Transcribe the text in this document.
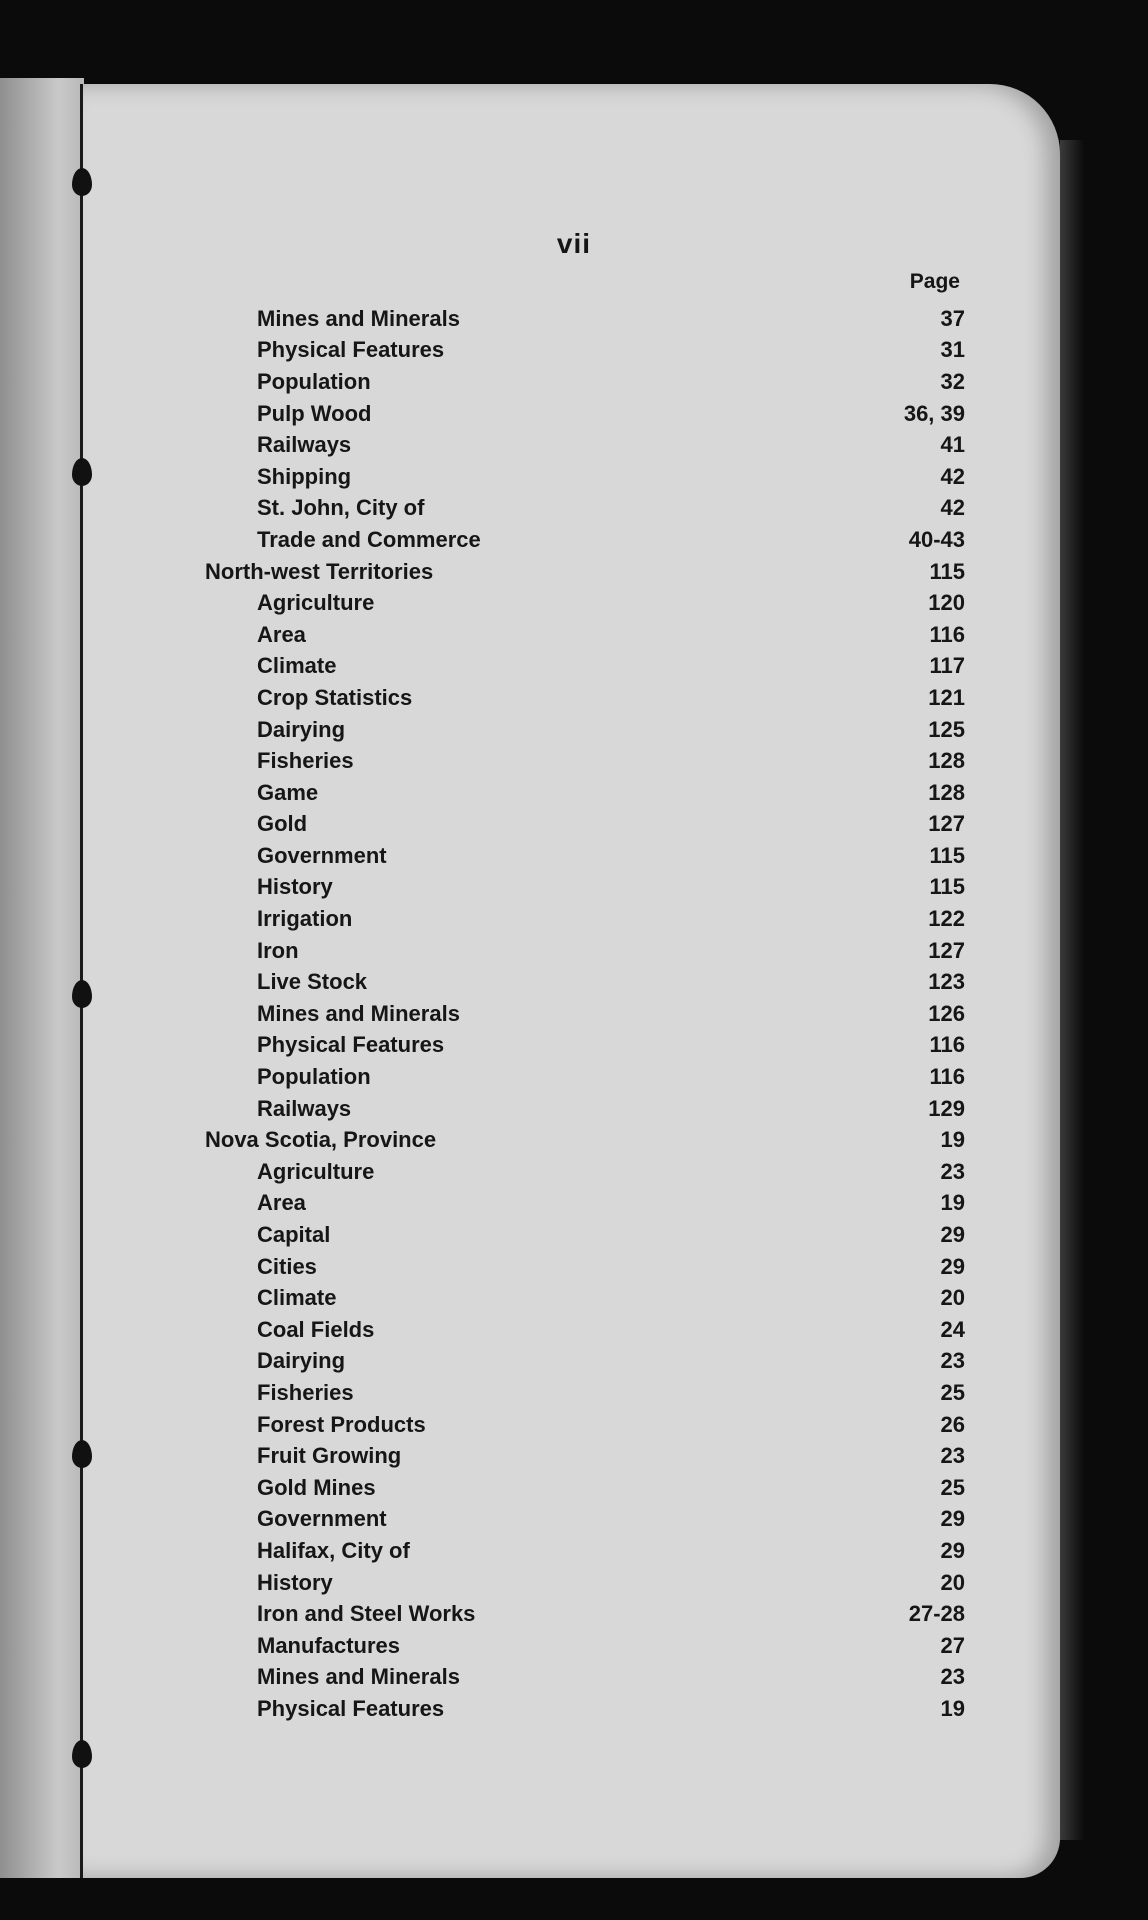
vii
Page
Mines and Minerals	37
Physical Features	31
Population	32
Pulp Wood	36, 39
Railways	41
Shipping	42
St. John, City of	42
Trade and Commerce	40-43
North-west Territories	115
Agriculture	120
Area	116
Climate	117
Crop Statistics	121
Dairying	125
Fisheries	128
Game	128
Gold	127
Government	115
History	115
Irrigation	122
Iron	127
Live Stock	123
Mines and Minerals	126
Physical Features	116
Population	116
Railways	129
Nova Scotia, Province	19
Agriculture	23
Area	19
Capital	29
Cities	29
Climate	20
Coal Fields	24
Dairying	23
Fisheries	25
Forest Products	26
Fruit Growing	23
Gold Mines	25
Government	29
Halifax, City of	29
History	20
Iron and Steel Works	27-28
Manufactures	27
Mines and Minerals	23
Physical Features	19
